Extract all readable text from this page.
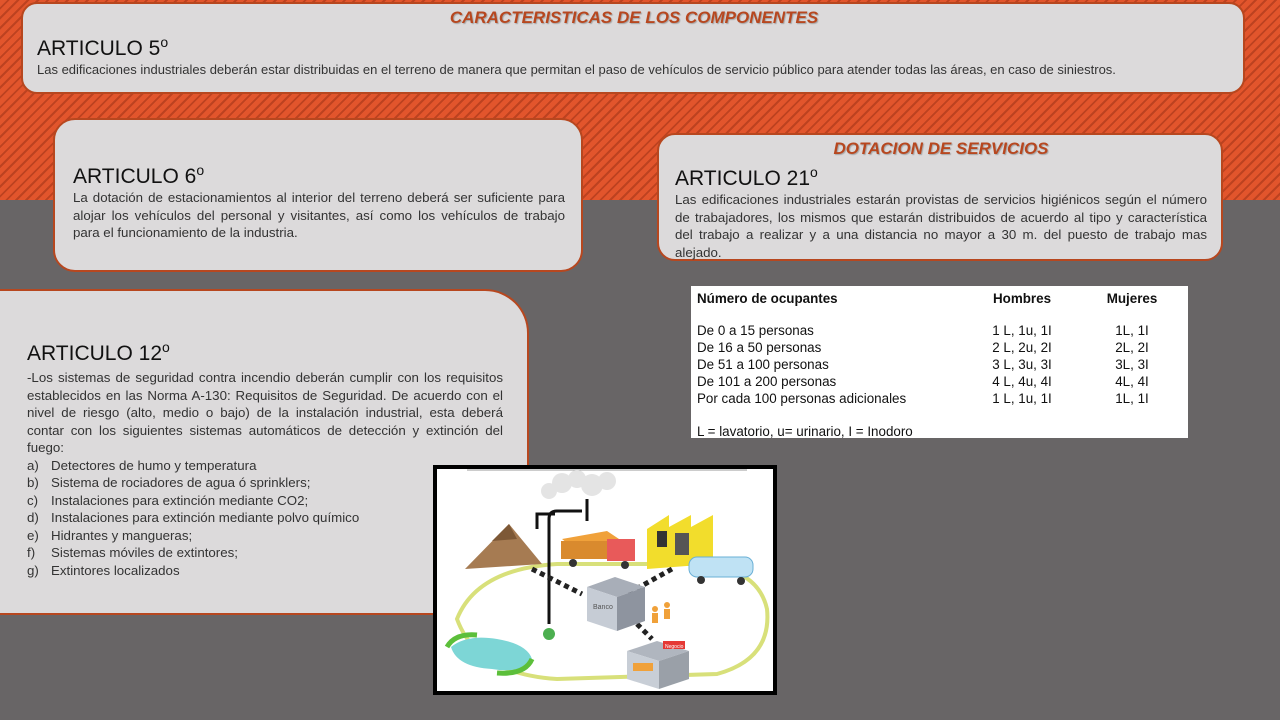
CARACTERISTICAS DE LOS COMPONENTES
ARTICULO 5$^o$
Las edificaciones industriales deberán estar distribuidas en el terreno de manera que permitan el paso de vehículos de servicio público para atender todas las áreas, en caso de siniestros.
ARTICULO 6$^o$
La dotación de estacionamientos al interior del terreno deberá ser suficiente para alojar los vehículos del personal y visitantes, así como los vehículos de trabajo para el funcionamiento de la industria.
DOTACION DE SERVICIOS
ARTICULO 21$^o$
Las edificaciones industriales estarán provistas de servicios higiénicos según el número de trabajadores, los mismos que estarán distribuidos de acuerdo al tipo y característica del trabajo a realizar y a una distancia no mayor a 30 m. del puesto de trabajo mas alejado.
ARTICULO 12$^o$
-Los sistemas de seguridad contra incendio deberán cumplir con los requisitos establecidos en las Norma A-130: Requisitos de Seguridad. De acuerdo con el nivel de riesgo (alto, medio o bajo) de la instalación industrial, esta deberá contar con los siguientes sistemas automáticos de detección y extinción del fuego:
a) Detectores de humo y temperatura
b) Sistema de rociadores de agua ó sprinklers;
c) Instalaciones para extinción mediante CO2;
d) Instalaciones para extinción mediante polvo químico
e) Hidrantes y mangueras;
f)	Sistemas móviles de extintores;
g) Extintores localizados
Número de ocupantes	Hombres	Mujeres

De 0 a 15 personas	1 L, 1u, 1I	1L, 1I
De 16 a 50 personas	2 L, 2u, 2I	2L, 2I
De 51 a 100 personas	3 L, 3u, 3I	3L, 3I
De 101 a 200 personas	4 L, 4u, 4I	4L, 4I
Por cada 100 personas adicionales	1 L, 1u, 1I	1L, 1I
L = lavatorio, u= urinario, I = Inodoro
Banco
Negocio
